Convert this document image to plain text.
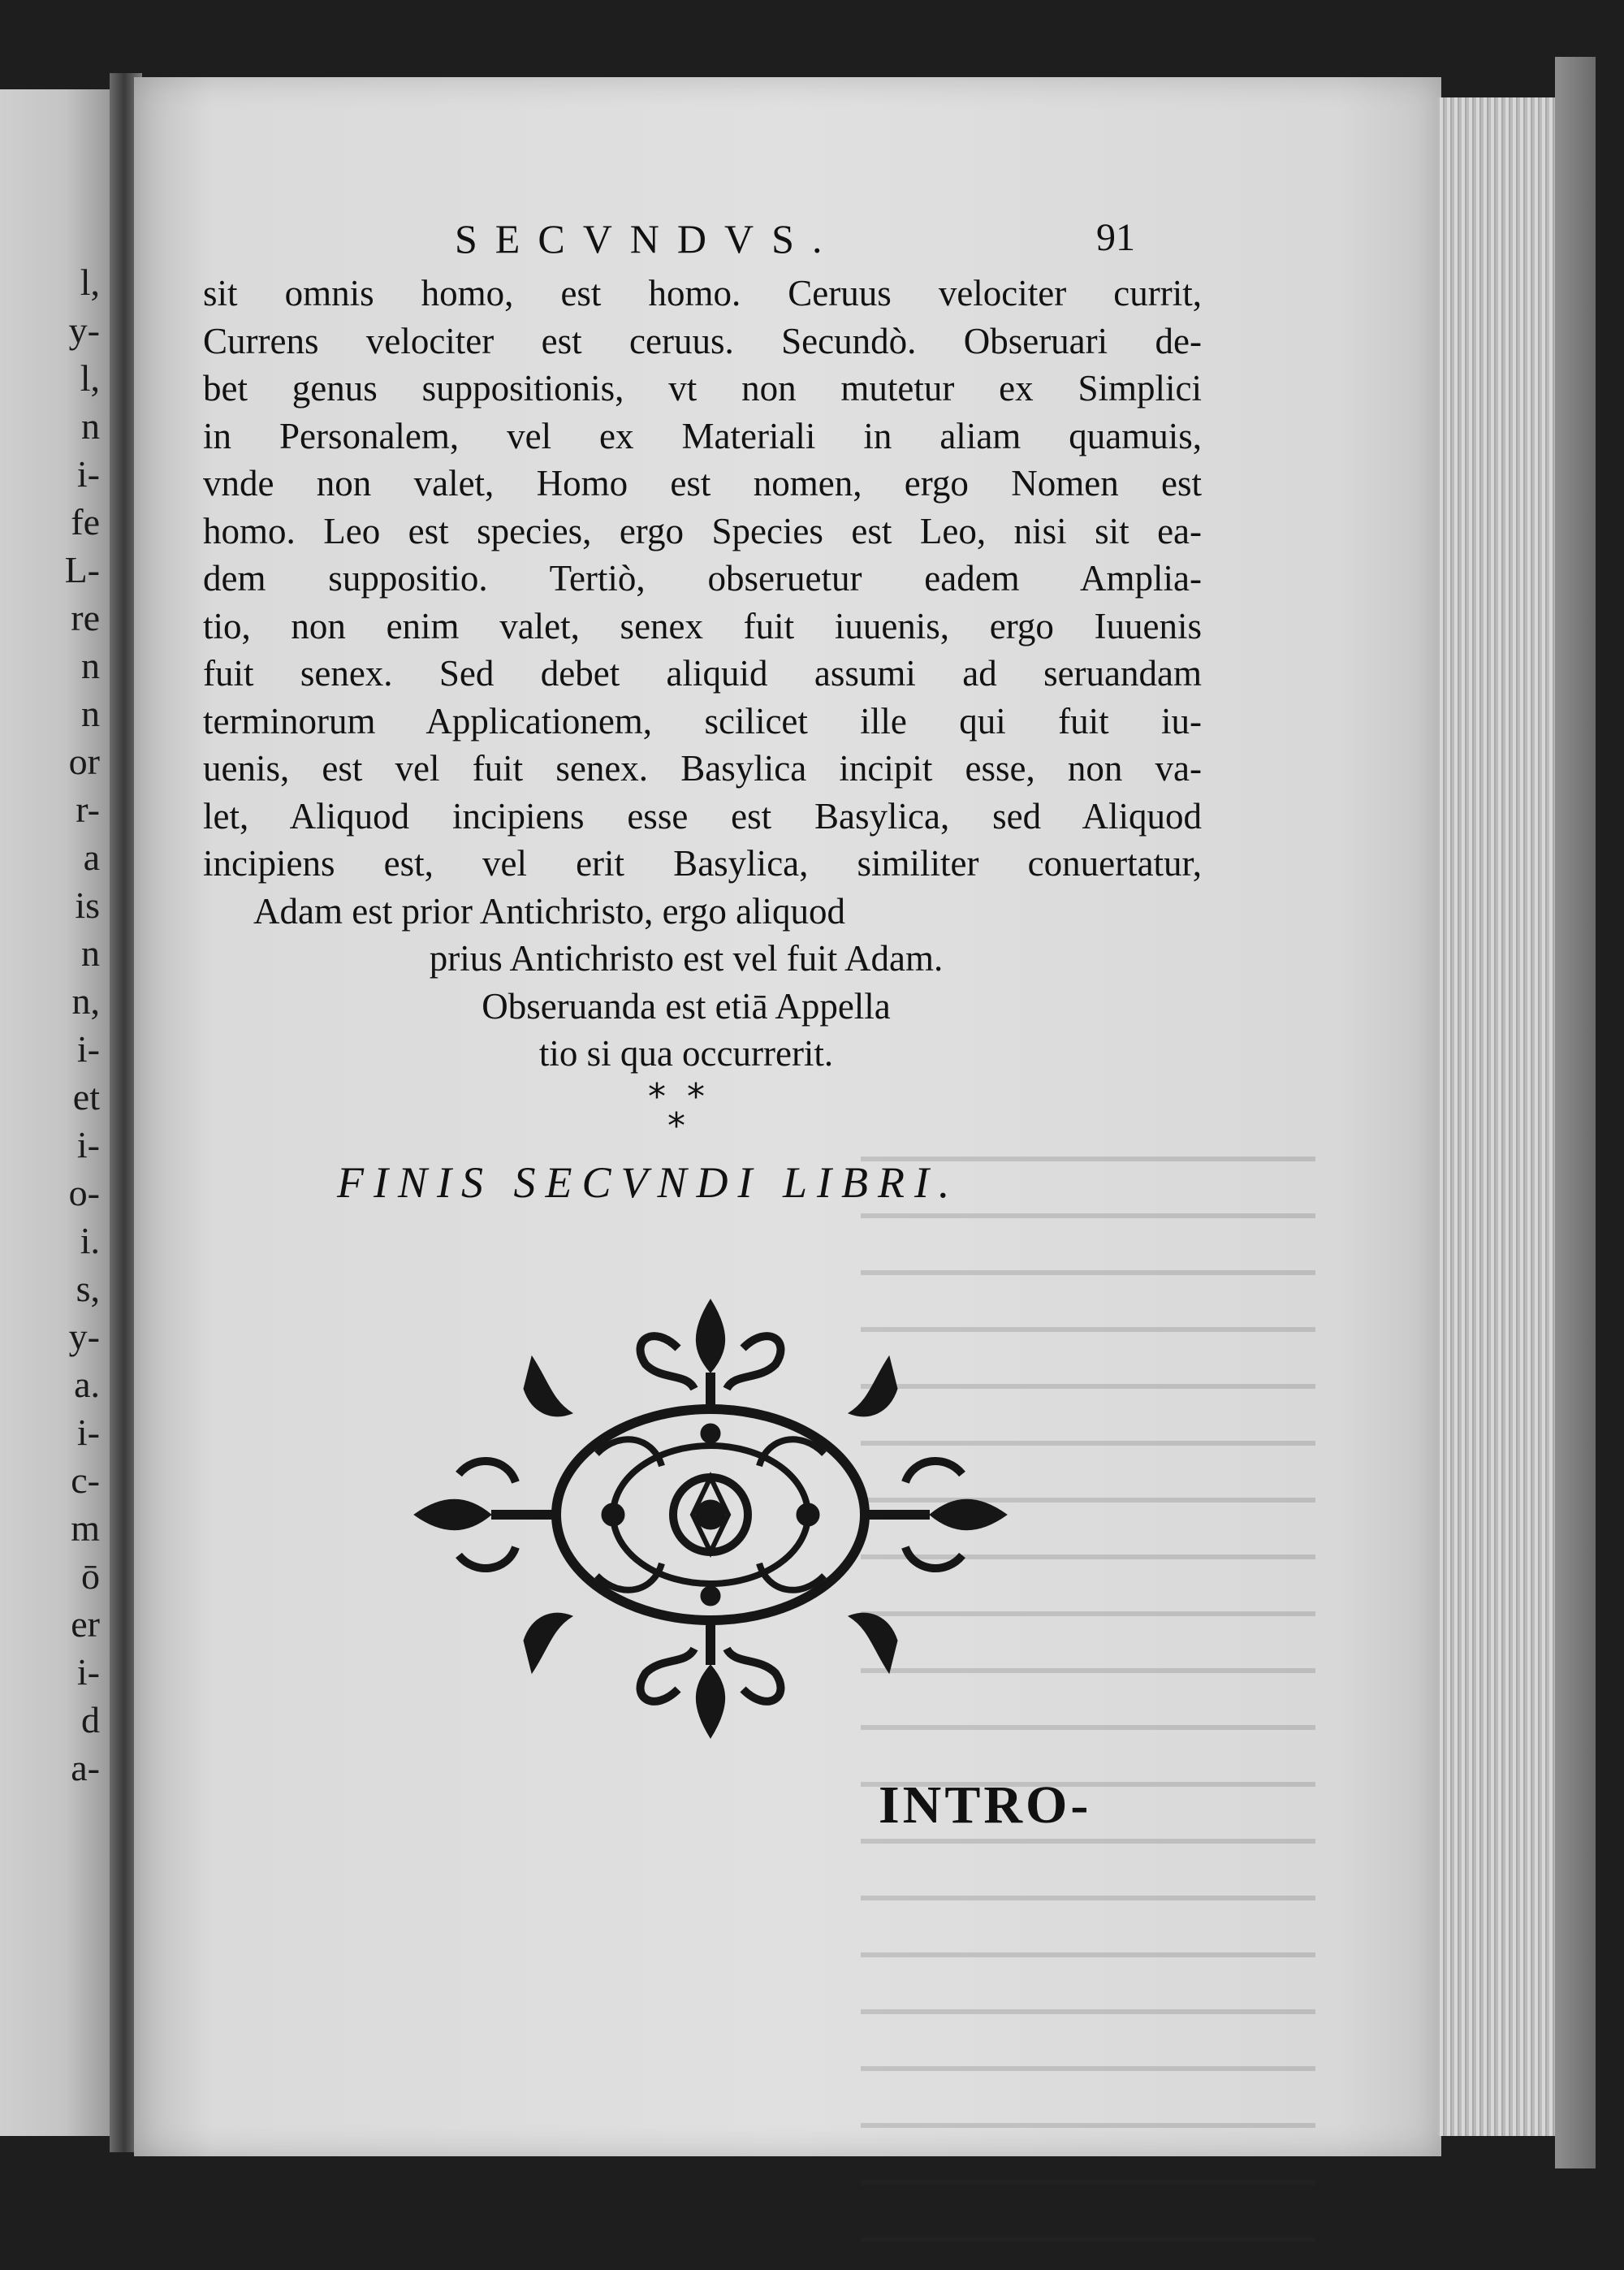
l,
y-
l,
n
i-
fe
L-
re
n
n
or
r-
a
is
n
n,
i-
et
i-
o-
i.
s,
y-
a.
i-
c-
m
ō
er
i-
d
a-
SECVNDVS.	91
sit omnis homo, est homo. Ceruus velociter currit,
Currens velociter est ceruus. Secundò. Obseruari de-
bet genus suppositionis, vt non mutetur ex Simplici
in Personalem, vel ex Materiali in aliam quamuis,
vnde non valet, Homo est nomen, ergo Nomen est
homo. Leo est species, ergo Species est Leo, nisi sit ea-
dem suppositio. Tertiò, obseruetur eadem Amplia-
tio, non enim valet, senex fuit iuuenis, ergo Iuuenis
fuit senex. Sed debet aliquid assumi ad seruandam
terminorum Applicationem, scilicet ille qui fuit iu-
uenis, est vel fuit senex. Basylica incipit esse, non va-
let, Aliquod incipiens esse est Basylica, sed Aliquod
incipiens est, vel erit Basylica, similiter conuertatur,
Adam est prior Antichristo, ergo aliquod
prius Antichristo est vel fuit Adam.
Obseruanda est etiā Appella
tio si qua occurrerit.
* *
*
FINIS SECVNDI LIBRI.
INTRO-
